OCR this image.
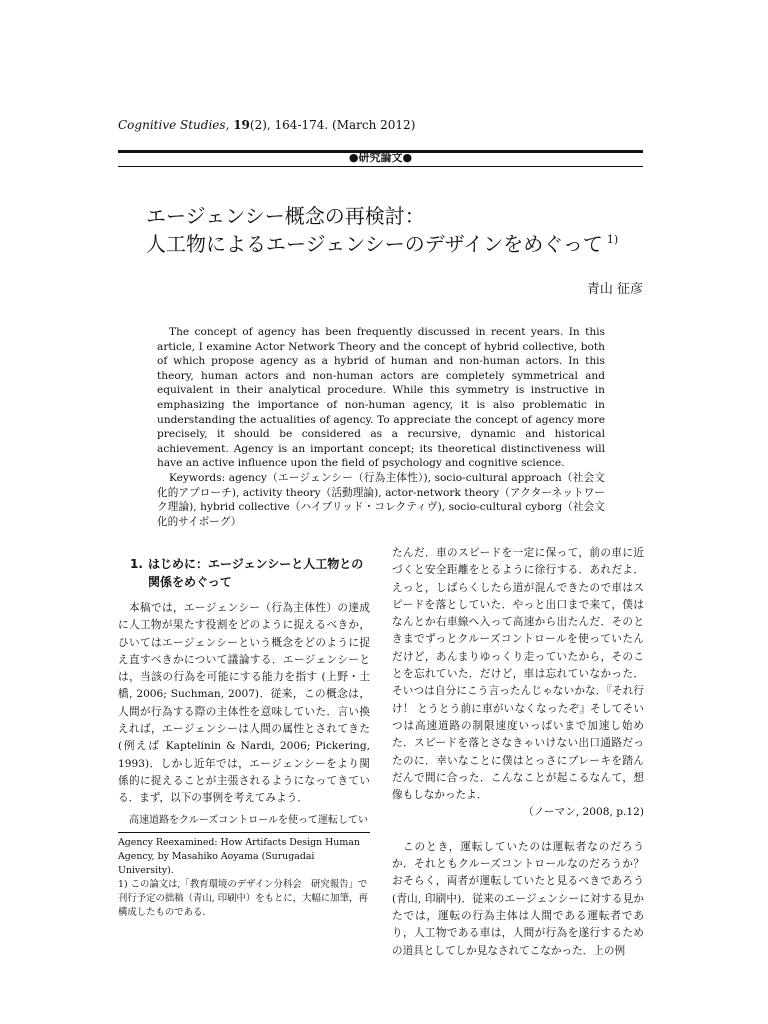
Cognitive Studies, 19(2), 164-174. (March 2012)
●研究論文●
エージェンシー概念の再検討：
人工物によるエージェンシーのデザインをめぐって $^{1)}$
青山 征彦

The concept of agency has been frequently discussed in recent years. In this article, I examine Actor Network Theory and the concept of hybrid collective, both of which propose agency as a hybrid of human and non-human actors. In this theory, human actors and non-human actors are completely symmetrical and equivalent in their analytical procedure. While this symmetry is instructive in emphasizing the importance of non-human agency, it is also problematic in understanding the actualities of agency. To appreciate the concept of agency more precisely, it should be considered as a recursive, dynamic and historical achievement. Agency is an important concept; its theoretical distinctiveness will have an active influence upon the field of psychology and cognitive science.

Keywords: agency（エージェンシー（行為主体性）), socio-cultural approach（社会文化的アプローチ), activity theory（活動理論), actor-network theory（アクターネットワーク理論), hybrid collective（ハイブリッド・コレクティヴ), socio-cultural cyborg（社会文化的サイボーグ）

1. はじめに：エージェンシーと人工物との関係をめぐって

本稿では，エージェンシー（行為主体性）の達成に人工物が果たす役割をどのように捉えるべきか，ひいてはエージェンシーという概念をどのように捉え直すべきかについて議論する．エージェンシーとは，当該の行為を可能にする能力を指す (上野・土橋, 2006; Suchman, 2007)．従来，この概念は，人間が行為する際の主体性を意味していた．言い換えれば，エージェンシーは人間の属性とされてきた (例えば Kaptelinin & Nardi, 2006; Pickering, 1993)．しかし近年では，エージェンシーをより関係的に捉えることが主張されるようになってきている．まず，以下の事例を考えてみよう．

高速道路をクルーズコントロールを使って運転してい

Agency Reexamined: How Artifacts Design Human Agency, by Masahiko Aoyama (Surugadai University).

1) この論文は,「教育環境のデザイン分科会　研究報告」で刊行予定の拙稿（青山, 印刷中）をもとに，大幅に加筆，再構成したものである．

たんだ．車のスピードを一定に保って，前の車に近づくと安全距離をとるように徐行する．あれだよ．えっと，しばらくしたら道が混んできたので車はスピードを落としていた．やっと出口まで来て，僕はなんとか右車線へ入って高速から出たんだ．そのときまでずっとクルーズコントロールを使っていたんだけど，あんまりゆっくり走っていたから，そのことを忘れていた．だけど，車は忘れていなかった．そいつは自分にこう言ったんじゃないかな．『それ行け！ とうとう前に車がいなくなったぞ』そしてそいつは高速道路の制限速度いっぱいまで加速し始めた．スピードを落とさなきゃいけない出口通路だったのに．幸いなことに僕はとっさにブレーキを踏んだんで間に合った．こんなことが起こるなんて，想像もしなかったよ．
（ノーマン, 2008, p.12)

このとき，運転していたのは運転者なのだろうか．それともクルーズコントロールなのだろうか？おそらく，両者が運転していたと見るべきであろう (青山, 印刷中)．従来のエージェンシーに対する見かたでは，運転の行為主体は人間である運転者であり，人工物である車は，人間が行為を遂行するための道具としてしか見なされてこなかった．上の例
